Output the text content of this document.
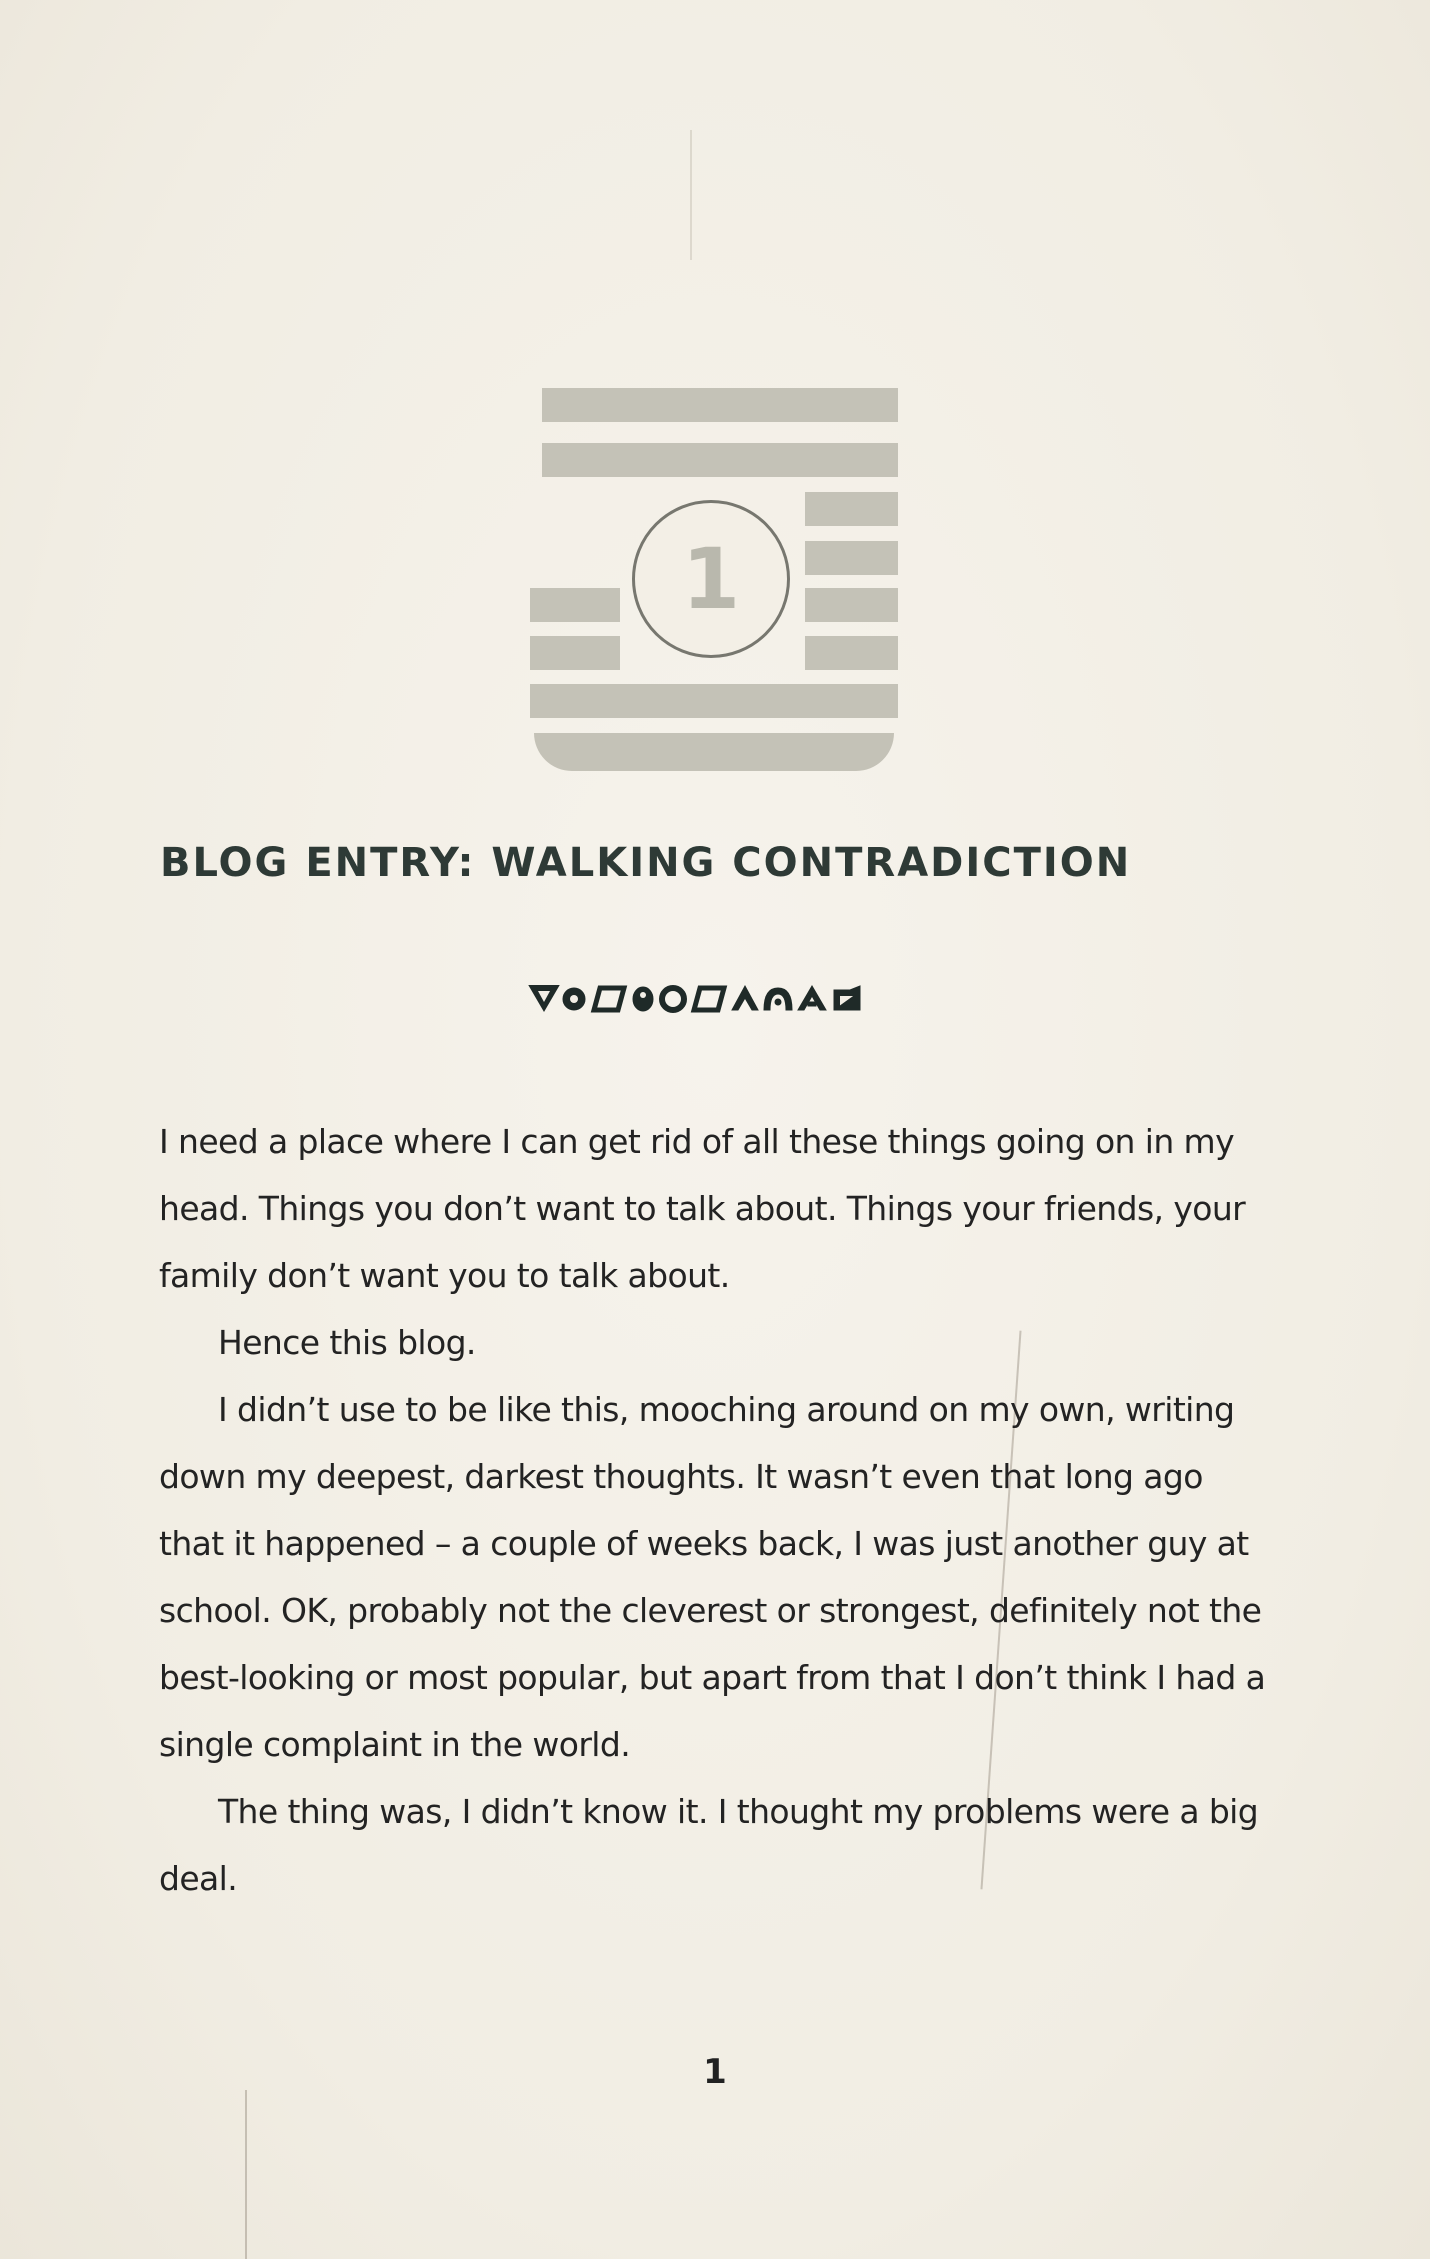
1
BLOG ENTRY: WALKING CONTRADICTION

I need a place where I can get rid of all these things going on in my head. Things you don’t want to talk about. Things your friends, your family don’t want you to talk about.

Hence this blog.

I didn’t use to be like this, mooching around on my own, writing down my deepest, darkest thoughts. It wasn’t even that long ago that it happened – a couple of weeks back, I was just another guy at school. OK, probably not the cleverest or strongest, definitely not the best-looking or most popular, but apart from that I don’t think I had a single complaint in the world.

The thing was, I didn’t know it. I thought my problems were a big deal.

1
